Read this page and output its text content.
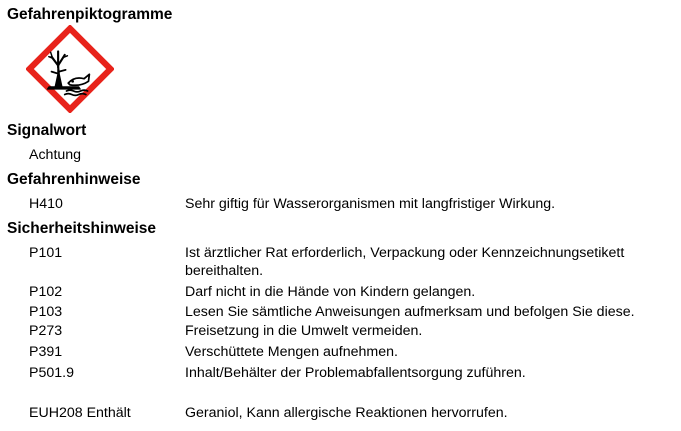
Gefahrenpiktogramme
Signalwort
Achtung
Gefahrenhinweise
H410	Sehr giftig für Wasserorganismen mit langfristiger Wirkung.
Sicherheitshinweise
P101	Ist ärztlicher Rat erforderlich, Verpackung oder Kennzeichnungsetikett
bereithalten.
P102	Darf nicht in die Hände von Kindern gelangen.
P103	Lesen Sie sämtliche Anweisungen aufmerksam und befolgen Sie diese.
P273	Freisetzung in die Umwelt vermeiden.
P391	Verschüttete Mengen aufnehmen.
P501.9	Inhalt/Behälter der Problemabfallentsorgung zuführen.
EUH208 Enthält	Geraniol, Kann allergische Reaktionen hervorrufen.
